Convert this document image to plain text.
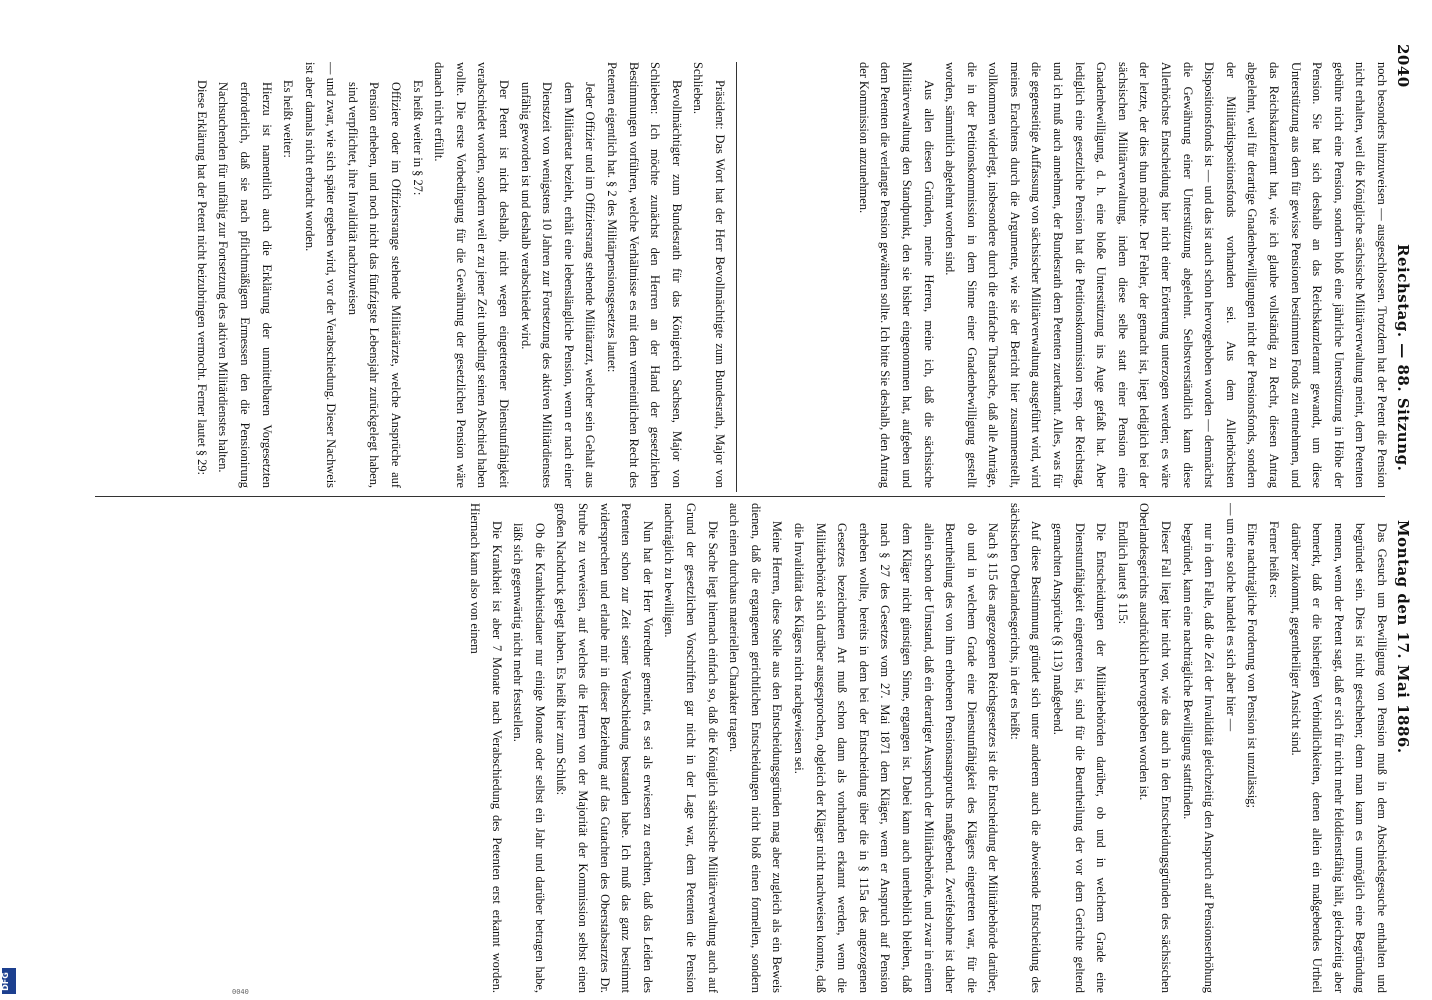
DFG
0040
2040
Reichstag. — 88. Sitzung.
Montag den 17. Mai 1886.

noch besonders hinzuweisen — ausgeschlossen. Trotzdem hat der Petent die Pension nicht erhalten, weil die Königliche sächsische Militärverwaltung meint, dem Petenten gebühre nicht eine Pension, sondern bloß eine jährliche Unterstützung in Höhe der Pension. Sie hat sich deshalb an das Reichskanzleramt gewandt, um diese Unterstützung aus dem für gewisse Pensionen bestimmten Fonds zu entnehmen, und das Reichskanzleramt hat, wie ich glaube vollständig zu Recht, diesen Antrag abgelehnt, weil für derartige Gnadenbewilligungen nicht der Pensionsfonds, sondern der Militärdispositionsfonds vorhanden sei. Aus dem Allerhöchsten Dispositionsfonds ist — und das ist auch schon hervorgehoben worden — demnächst die Gewährung einer Unterstützung abgelehnt. Selbstverständlich kann diese Allerhöchste Entscheidung hier nicht einer Erörterung unterzogen werden; es wäre der letzte, der dies thun möchte. Der Fehler, der gemacht ist, liegt lediglich bei der sächsischen Militärverwaltung, indem diese selbe statt einer Pension eine Gnadenbewilligung, d. h. eine bloße Unterstützung ins Auge gefaßt hat. Aber lediglich eine gesetzliche Pension hat die Petitionskommission resp. der Reichstag, und ich muß auch annehmen, der Bundesrath dem Petenten zuerkannt. Alles, was für die gegenseitige Auffassung von sächsischer Militärverwaltung ausgeführt wird, wird meines Erachtens durch die Argumente, wie sie der Bericht hier zusammenstellt, vollkommen widerlegt, insbesondere durch die einfache Thatsache, daß alle Anträge, die in der Petitionskommission in dem Sinne einer Gnadenbewilligung gestellt worden, sämmtlich abgelehnt worden sind.

Aus allen diesen Gründen, meine Herren, meine ich, daß die sächsische Militärverwaltung den Standpunkt, den sie bisher eingenommen hat, aufgeben und dem Petenten die verlangte Pension gewähren sollte. Ich bitte Sie deshalb, den Antrag der Kommission anzunehmen.

Präsident: Das Wort hat der Herr Bevollmächtigte zum Bundesrath, Major von Schlieben.

Bevollmächtigter zum Bundesrath für das Königreich Sachsen, Major von Schlieben: Ich möchte zunächst den Herren an der Hand der gesetzlichen Bestimmungen vorführen, welche Verhältnisse es mit dem vermeintlichen Recht des Petenten eigentlich hat. § 2 des Militärpensionsgesetzes lautet:

Jeder Offizier und im Offiziersrang stehende Militärarzt, welcher sein Gehalt aus dem Militäretat bezieht, erhält eine lebenslängliche Pension, wenn er nach einer Dienstzeit von wenigstens 10 Jahren zur Fortsetzung des aktiven Militärdienstes unfähig geworden ist und deshalb verabschiedet wird.

Der Petent ist nicht deshalb, nicht wegen eingetretener Dienstunfähigkeit verabschiedet worden, sondern weil er zu jener Zeit unbedingt seinen Abschied haben wollte. Die erste Vorbedingung für die Gewährung der gesetzlichen Pension wäre danach nicht erfüllt.

Es heißt weiter in § 27:

Offiziere oder im Offiziersrange stehende Militärärzte, welche Ansprüche auf Pension erheben, und noch nicht das fünfzigste Lebensjahr zurückgelegt haben, sind verpflichtet, ihre Invalidität nachzuweisen

— und zwar, wie sich später ergeben wird, vor der Verabschiedung. Dieser Nachweis ist aber damals nicht erbracht worden.

Es heißt weiter:

Hierzu ist namentlich auch die Erklärung der unmittelbaren Vorgesetzten erforderlich, daß sie nach pflichtmäßigem Ermessen den die Pensionirung Nachsuchenden für unfähig zur Fortsetzung des aktiven Militärdienstes halten.

Diese Erklärung hat der Petent nicht beizubringen vermocht. Ferner lautet § 29:

Das Gesuch um Bewilligung von Pension muß in dem Abschiedsgesuche enthalten und begründet sein. Dies ist nicht geschehen; denn man kann es unmöglich eine Begründung nennen, wenn der Petent sagt, daß er sich für nicht mehr felddienstfähig hält, gleichzeitig aber bemerkt, daß er die bisherigen Verbindlichkeiten, denen allein ein maßgebendes Urtheil darüber zukommt, gegentheiliger Ansicht sind.

Ferner heißt es:

Eine nachträgliche Forderung von Pension ist unzulässig;

— um eine solche handelt es sich aber hier —

nur in dem Falle, daß die Zeit der Invalidität gleichzeitig den Anspruch auf Pensionserhöhung begründet, kann eine nachträgliche Bewilligung stattfinden.

Dieser Fall liegt hier nicht vor, wie das auch in den Entscheidungsgründen des sächsischen Oberlandesgerichts ausdrücklich hervorgehoben worden ist.

Endlich lautet § 115:

Die Entscheidungen der Militärbehörden darüber, ob und in welchem Grade eine Dienstunfähigkeit eingetreten ist, sind für die Beurtheilung der vor dem Gerichte geltend gemachten Ansprüche (§ 113) maßgebend.

Auf diese Bestimmung gründet sich unter anderem auch die abweisende Entscheidung des sächsischen Oberlandesgerichts, in der es heißt:

Nach § 115 des angezogenen Reichsgesetzes ist die Entscheidung der Militärbehörde darüber, ob und in welchem Grade eine Dienstunfähigkeit des Klägers eingetreten war, für die Beurtheilung des von ihm erhobenen Pensionsanspruchs maßgebend. Zweifelsohne ist daher allein schon der Umstand, daß ein derartiger Ausspruch der Militärbehörde, und zwar in einem dem Kläger nicht günstigen Sinne, ergangen ist. Dabei kann auch unerheblich bleiben, daß nach § 27 des Gesetzes vom 27. Mai 1871 dem Kläger, wenn er Anspruch auf Pension erheben wollte, bereits in dem bei der Entscheidung über die in § 115a des angezogenen Gesetzes bezeichneten Art muß schon dann als vorhanden erkannt werden, wenn die Militärbehörde sich darüber ausgesprochen, obgleich der Kläger nicht nachweisen konnte, daß die Invalidität des Klägers nicht nachgewiesen sei.

Meine Herren, diese Stelle aus den Entscheidungsgründen mag aber zugleich als ein Beweis dienen, daß die ergangenen gerichtlichen Entscheidungen nicht bloß einen formellen, sondern auch einen durchaus materiellen Charakter tragen.

Die Sache liegt hiernach einfach so, daß die Königlich sächsische Militärverwaltung auch auf Grund der gesetzlichen Vorschriften gar nicht in der Lage war, dem Petenten die Pension nachträglich zu bewilligen.

Nun hat der Herr Vorredner gemeint, es sei als erwiesen zu erachten, daß das Leiden des Petenten schon zur Zeit seiner Verabschiedung bestanden habe. Ich muß das ganz bestimmt widersprechen und erlaube mir in dieser Beziehung auf das Gutachten des Oberstabsarztes Dr. Strube zu verweisen, auf welches die Herren von der Majorität der Kommission selbst einen großen Nachdruck gelegt haben. Es heißt hier zum Schluß:

Ob die Krankheitsdauer nur einige Monate oder selbst ein Jahr und darüber betragen habe, läßt sich gegenwärtig nicht mehr feststellen.

Die Krankheit ist aber 7 Monate nach Verabschiedung des Petenten erst erkannt worden. Hiernach kann also von einem
